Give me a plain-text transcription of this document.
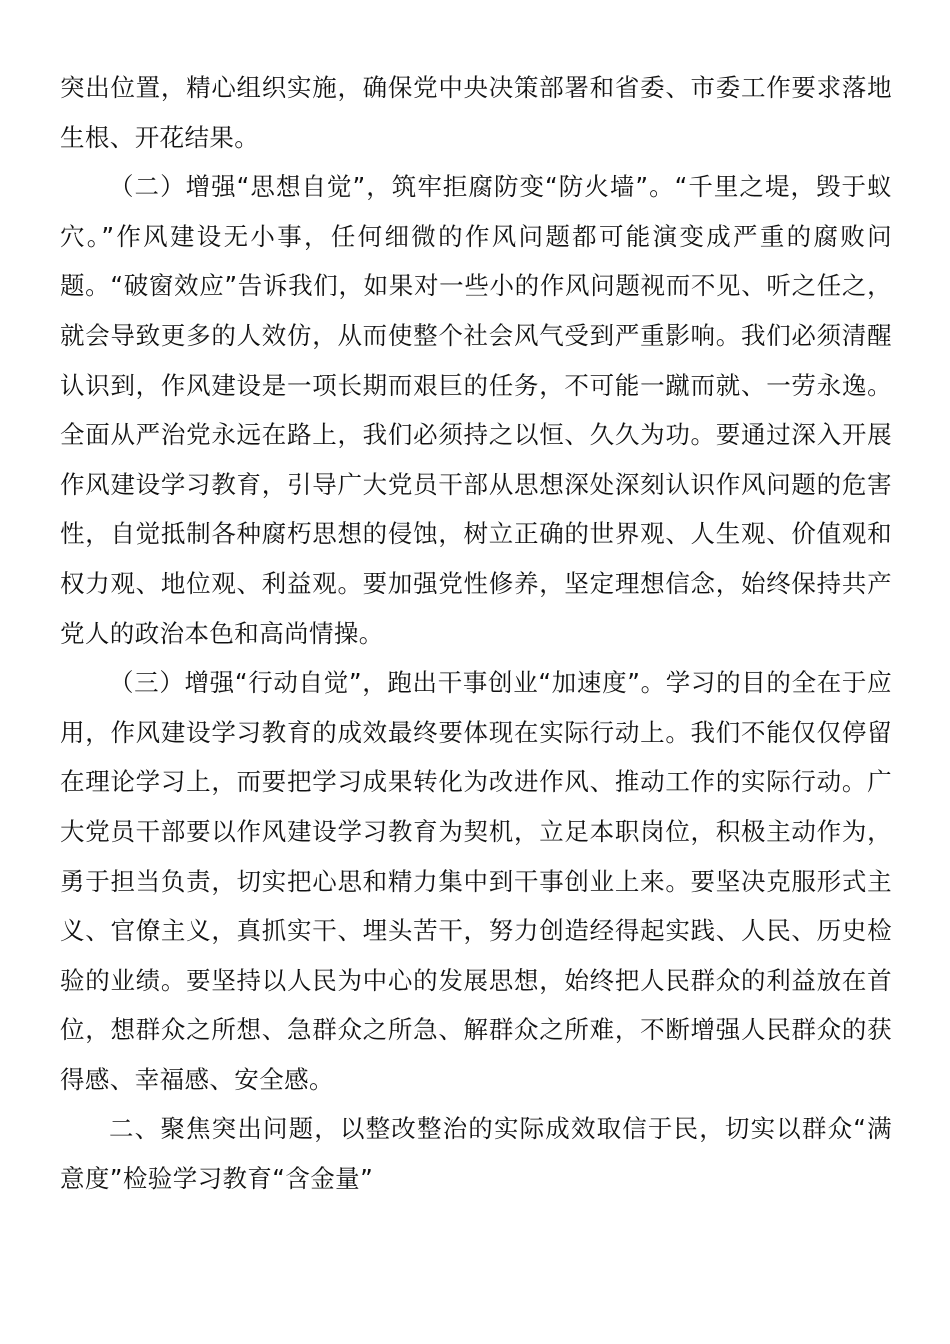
突出位置，精心组织实施，确保党中央决策部署和省委、市委工作要求落地生根、开花结果。

（二）增强“思想自觉”，筑牢拒腐防变“防火墙”。“千里之堤，毁于蚁穴。”作风建设无小事，任何细微的作风问题都可能演变成严重的腐败问题。“破窗效应”告诉我们，如果对一些小的作风问题视而不见、听之任之，就会导致更多的人效仿，从而使整个社会风气受到严重影响。我们必须清醒认识到，作风建设是一项长期而艰巨的任务，不可能一蹴而就、一劳永逸。全面从严治党永远在路上，我们必须持之以恒、久久为功。要通过深入开展作风建设学习教育，引导广大党员干部从思想深处深刻认识作风问题的危害性，自觉抵制各种腐朽思想的侵蚀，树立正确的世界观、人生观、价值观和权力观、地位观、利益观。要加强党性修养，坚定理想信念，始终保持共产党人的政治本色和高尚情操。

（三）增强“行动自觉”，跑出干事创业“加速度”。学习的目的全在于应用，作风建设学习教育的成效最终要体现在实际行动上。我们不能仅仅停留在理论学习上，而要把学习成果转化为改进作风、推动工作的实际行动。广大党员干部要以作风建设学习教育为契机，立足本职岗位，积极主动作为，勇于担当负责，切实把心思和精力集中到干事创业上来。要坚决克服形式主义、官僚主义，真抓实干、埋头苦干，努力创造经得起实践、人民、历史检验的业绩。要坚持以人民为中心的发展思想，始终把人民群众的利益放在首位，想群众之所想、急群众之所急、解群众之所难，不断增强人民群众的获得感、幸福感、安全感。

二、聚焦突出问题，以整改整治的实际成效取信于民，切实以群众“满意度”检验学习教育“含金量”
